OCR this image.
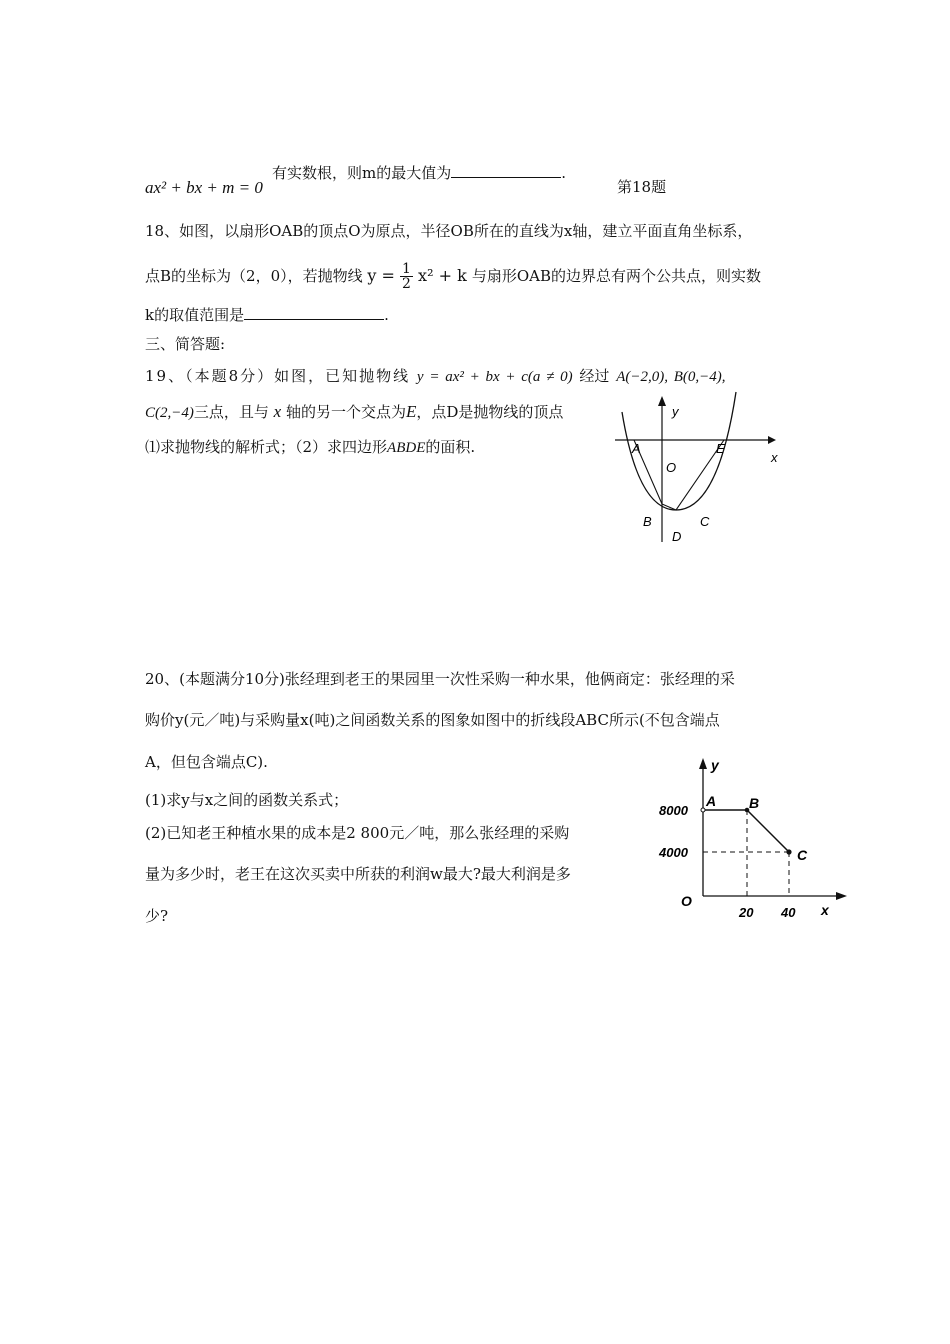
ax² + bx + m = 0
有实数根，则m的最大值为	.
第18题
18、如图，以扇形OAB的顶点O为原点，半径OB所在的直线为x轴，建立平面直角坐标系，
点B的坐标为（2，0），若抛物线 $y = \frac{1}{2} x^2 + k$ 与扇形OAB的边界总有两个公共点，则实数
k的取值范围是	.
三、简答题:
19、（本题8分）如图，已知抛物线 y = ax² + bx + c(a ≠ 0) 经过 A(−2,0), B(0,−4),
C(2,−4)三点，且与 x 轴的另一个交点为E，点D是抛物线的顶点
⑴求抛物线的解析式；（2）求四边形ABDE的面积.
y
x
A	E
O
B	C
D
20、(本题满分10分)张经理到老王的果园里一次性采购一种水果，他俩商定：张经理的采
购价y(元／吨)与采购量x(吨)之间函数关系的图象如图中的折线段ABC所示(不包含端点
A，但包含端点C).
(1)求y与x之间的函数关系式；
(2)已知老王种植水果的成本是2 800元／吨，那么张经理的采购
量为多少时，老王在这次买卖中所获的利润w最大?最大利润是多
少?
y
x
O
A B
C
8000
4000
20 40
